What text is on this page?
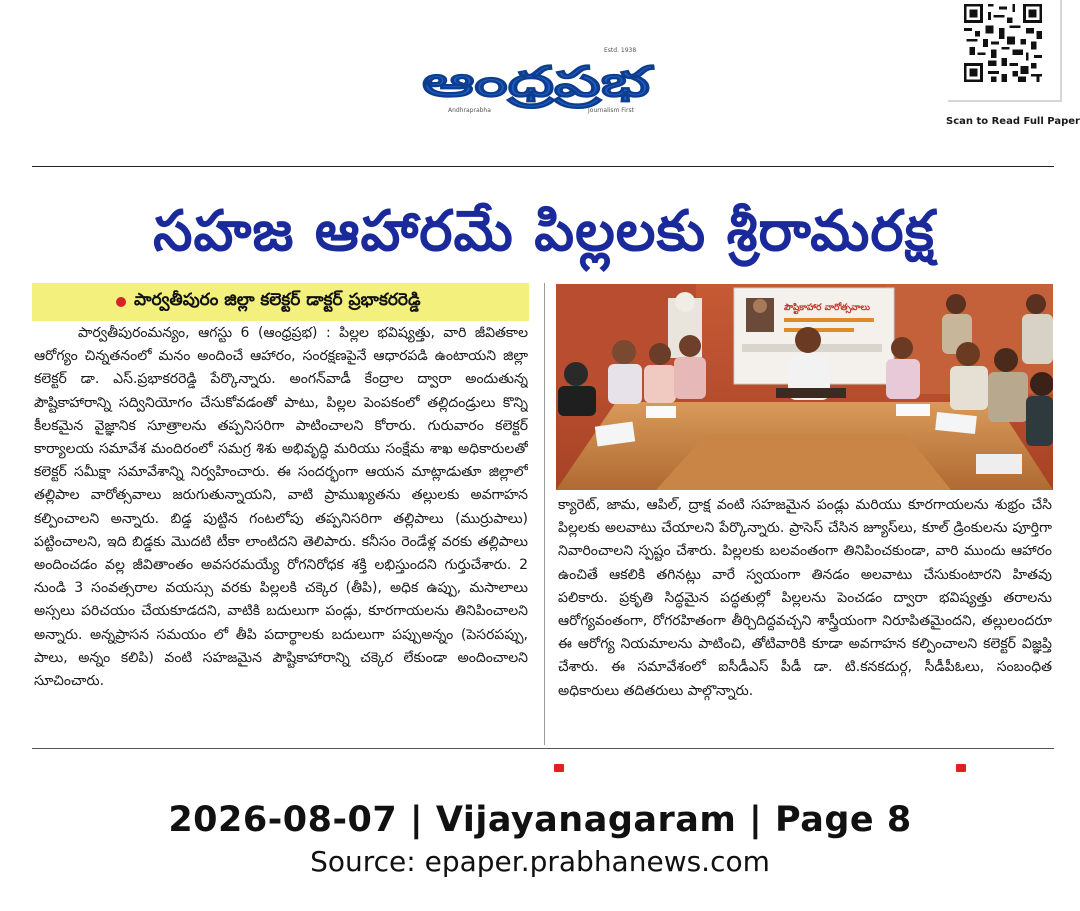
Estd. 1938
ఆంధ్రప్రభ
Andhraprabha	Journalism First
Scan to Read Full Paper
సహజ ఆహారమే పిల్లలకు శ్రీరామరక్ష
పార్వతీపురం జిల్లా కలెక్టర్ డాక్టర్ ప్రభాకరరెడ్డి

పార్వతీపురంమన్యం, ఆగస్టు 6 (ఆంధ్రప్రభ) : పిల్లల భవిష్యత్తు, వారి జీవితకాల ఆరోగ్యం చిన్నతనంలో మనం అందించే ఆహారం, సంరక్షణపైనే ఆధారపడి ఉంటాయని జిల్లా కలెక్టర్ డా. ఎస్.ప్రభాకరరెడ్డి పేర్కొన్నారు. అంగన్‌వాడీ కేంద్రాల ద్వారా అందుతున్న పౌష్టికాహారాన్ని సద్వినియోగం చేసుకోవడంతో పాటు, పిల్లల పెంపకంలో తల్లిదండ్రులు కొన్ని కీలకమైన వైజ్ఞానిక సూత్రాలను తప్పనిసరిగా పాటించాలని కోరారు. గురువారం కలెక్టర్ కార్యాలయ సమావేశ మందిరంలో సమగ్ర శిశు అభివృద్ధి మరియు సంక్షేమ శాఖ అధికారులతో కలెక్టర్ సమీక్షా సమావేశాన్ని నిర్వహించారు. ఈ సందర్భంగా ఆయన మాట్లాడుతూ జిల్లాలో తల్లిపాల వారోత్సవాలు జరుగుతున్నాయని, వాటి ప్రాముఖ్యతను తల్లులకు అవగాహన కల్పించాలని అన్నారు. బిడ్డ పుట్టిన గంటలోపు తప్పనిసరిగా తల్లిపాలు (ముర్రుపాలు) పట్టించాలని, ఇది బిడ్డకు మొదటి టీకా లాంటిదని తెలిపారు. కనీసం రెండేళ్ల వరకు తల్లిపాలు అందించడం వల్ల జీవితాంతం అవసరమయ్యే రోగనిరోధక శక్తి లభిస్తుందని గుర్తుచేశారు. 2 నుండి 3 సంవత్సరాల వయస్సు వరకు పిల్లలకి చక్కెర (తీపి), అధిక ఉప్పు, మసాలాలు అస్సలు పరిచయం చేయకూడదని, వాటికి బదులుగా పండ్లు, కూరగాయలను తినిపించాలని అన్నారు. అన్నప్రాసన సమయం లో తీపి పదార్థాలకు బదులుగా పప్పుఅన్నం (పెసరపప్పు, పాలు, అన్నం కలిపి) వంటి సహజమైన పౌష్టికాహారాన్ని చక్కెర లేకుండా అందించాలని సూచించారు.

పౌష్టికాహార వారోత్సవాలు

క్యారెట్, జామ, ఆపిల్, ద్రాక్ష వంటి సహజమైన పండ్లు మరియు కూరగాయలను శుభ్రం చేసి పిల్లలకు అలవాటు చేయాలని పేర్కొన్నారు. ప్రాసెస్ చేసిన జ్యూస్‌లు, కూల్ డ్రింకులను పూర్తిగా నివారించాలని స్పష్టం చేశారు. పిల్లలకు బలవంతంగా తినిపించకుండా, వారి ముందు ఆహారం ఉంచితే ఆకలికి తగినట్లు వారే స్వయంగా తినడం అలవాటు చేసుకుంటారని హితవు పలికారు. ప్రకృతి సిద్ధమైన పద్ధతుల్లో పిల్లలను పెంచడం ద్వారా భవిష్యత్తు తరాలను ఆరోగ్యవంతంగా, రోగరహితంగా తీర్చిదిద్దవచ్చని శాస్త్రీయంగా నిరూపితమైందని, తల్లులందరూ ఈ ఆరోగ్య నియమాలను పాటించి, తోటివారికి కూడా అవగాహన కల్పించాలని కలెక్టర్ విజ్ఞప్తి చేశారు. ఈ సమావేశంలో ఐసీడీఎస్ పీడీ డా. టి.కనకదుర్గ, సీడీపీఓలు, సంబంధిత అధికారులు తదితరులు పాల్గొన్నారు.

2026-08-07 | Vijayanagaram | Page 8
Source: epaper.prabhanews.com
